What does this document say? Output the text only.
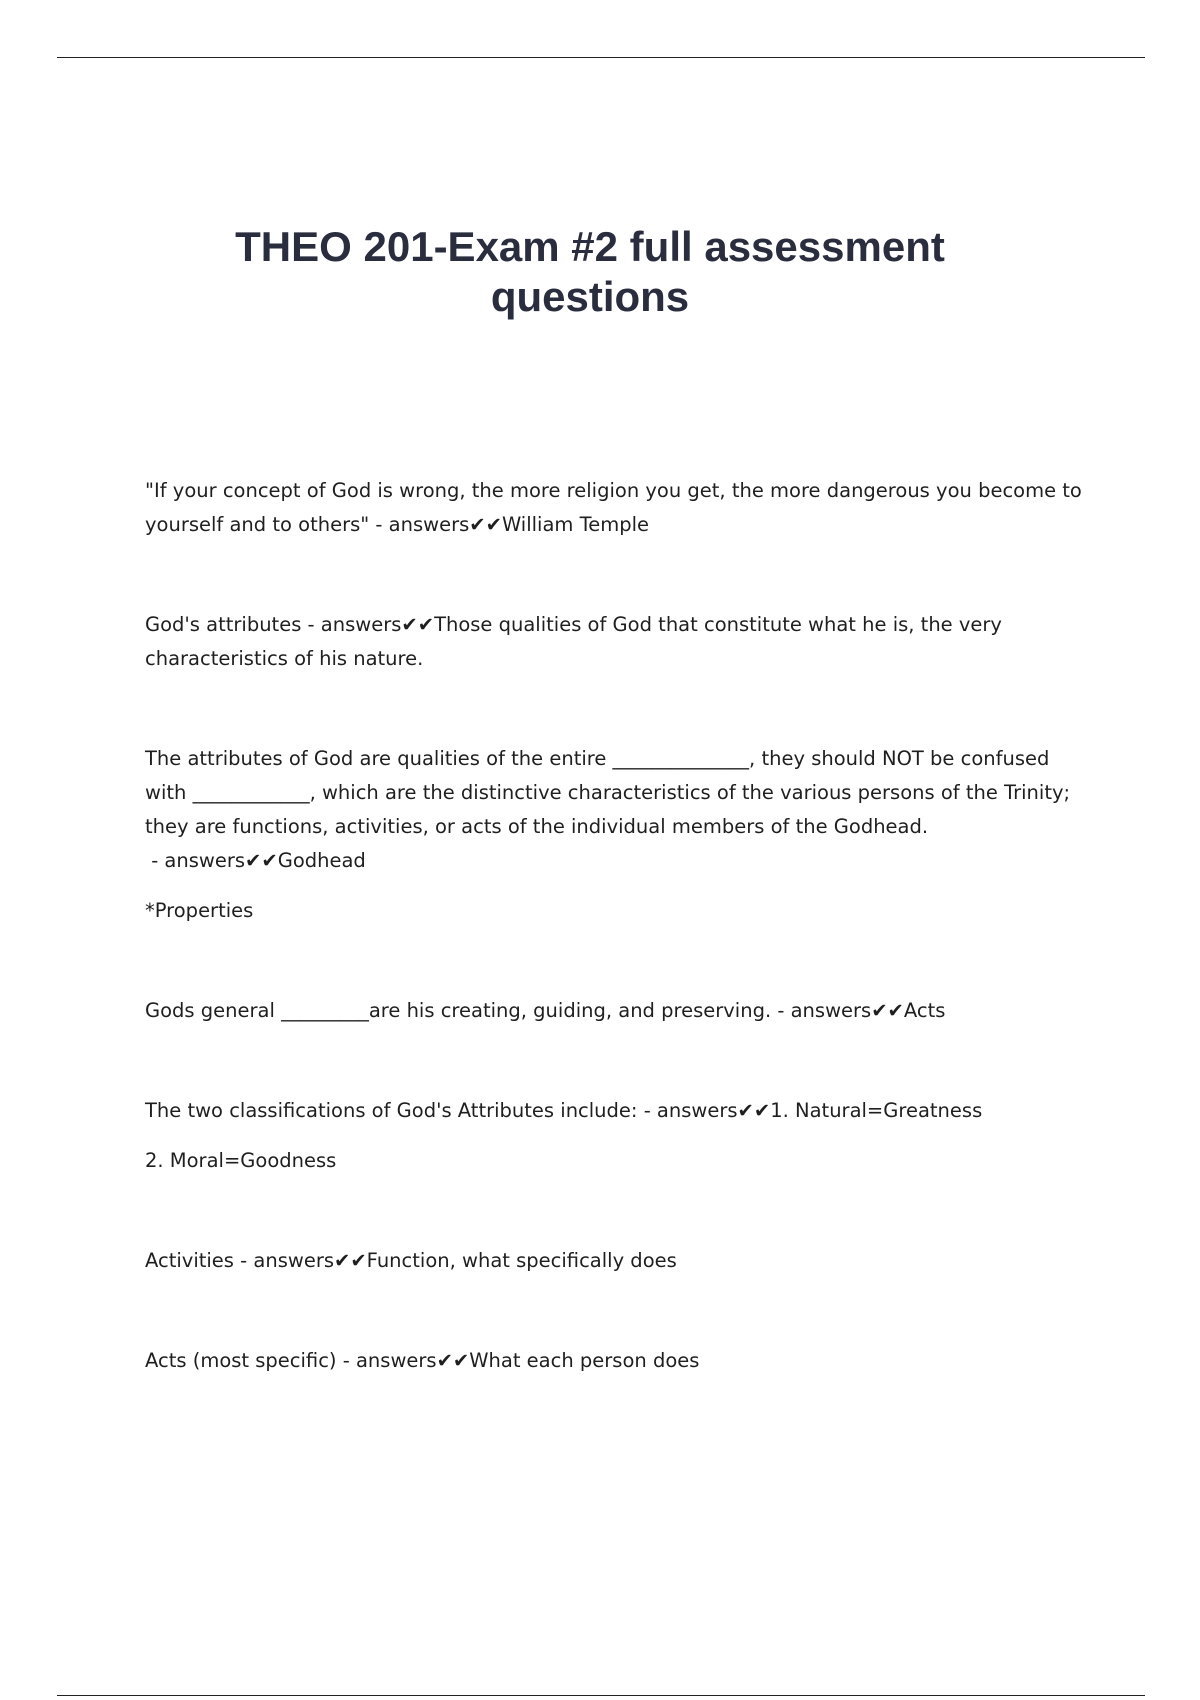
THEO 201-Exam #2 full assessment questions

"If your concept of God is wrong, the more religion you get, the more dangerous you become to yourself and to others" - answers✔✔William Temple

God's attributes - answers✔✔Those qualities of God that constitute what he is, the very characteristics of his nature.

The attributes of God are qualities of the entire ______________, they should NOT be confused with ____________, which are the distinctive characteristics of the various persons of the Trinity; they are functions, activities, or acts of the individual members of the Godhead. - answers✔✔Godhead

*Properties

Gods general _________are his creating, guiding, and preserving. - answers✔✔Acts

The two classifications of God's Attributes include: - answers✔✔1. Natural=Greatness

2. Moral=Goodness

Activities - answers✔✔Function, what specifically does

Acts (most specific) - answers✔✔What each person does
